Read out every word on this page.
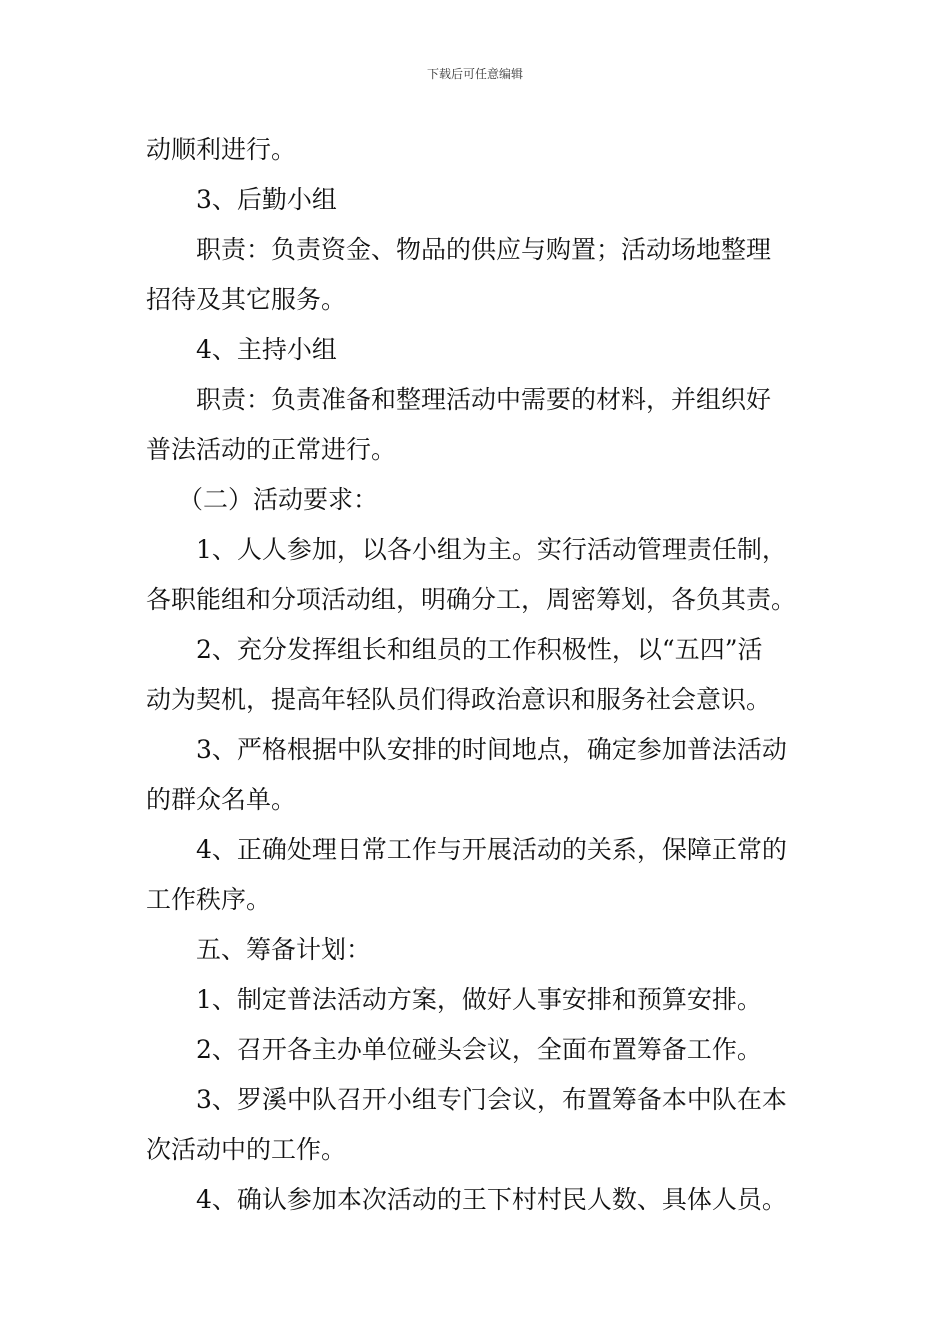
下载后可任意编辑
动顺利进行。
3、后勤小组
职责：负责资金、物品的供应与购置；活动场地整理
招待及其它服务。
4、主持小组
职责：负责准备和整理活动中需要的材料，并组织好
普法活动的正常进行。
（二）活动要求：
1、人人参加，以各小组为主。实行活动管理责任制，
各职能组和分项活动组，明确分工，周密筹划，各负其责。
2、充分发挥组长和组员的工作积极性，以“五四”活
动为契机，提高年轻队员们得政治意识和服务社会意识。
3、严格根据中队安排的时间地点，确定参加普法活动
的群众名单。
4、正确处理日常工作与开展活动的关系，保障正常的
工作秩序。
五、筹备计划：
1、制定普法活动方案，做好人事安排和预算安排。
2、召开各主办单位碰头会议，全面布置筹备工作。
3、罗溪中队召开小组专门会议，布置筹备本中队在本
次活动中的工作。
4、确认参加本次活动的王下村村民人数、具体人员。
